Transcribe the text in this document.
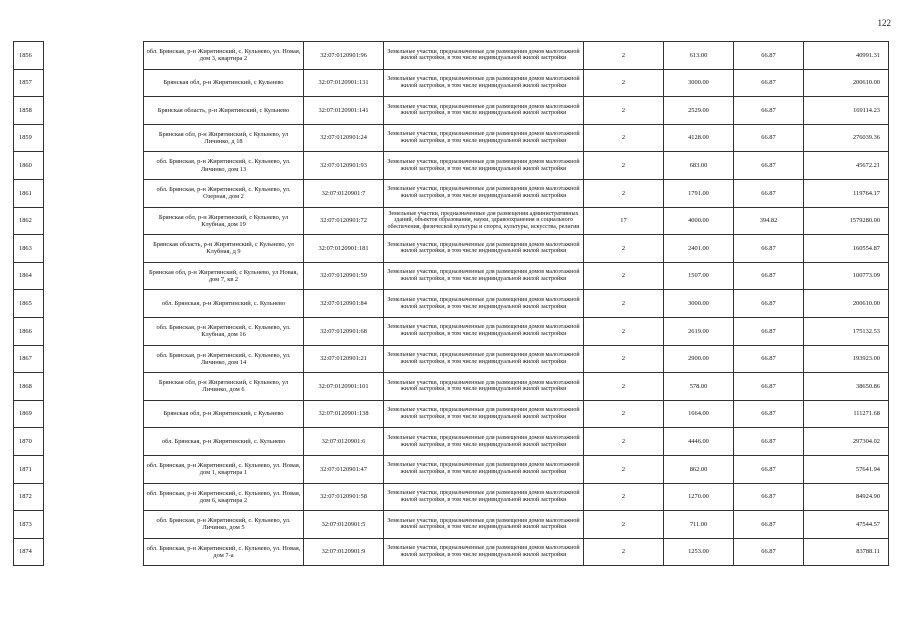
122
1856		обл. Брянская, р-н Жирятинский, с. Кульнево, ул. Новая, дом 3, квартира 2	32:07:0120901:96	Земельные участки, предназначенные для размещения домов малоэтажной жилой застройки, в том числе индивидуальной жилой застройки	2	613.00	66.87	40991.31
1857		Брянская обл, р-н Жирятинский, с Кульнево	32:07:0120901:131	Земельные участки, предназначенные для размещения домов малоэтажной жилой застройки, в том числе индивидуальной жилой застройки	2	3000.00	66.87	200610.00
1858		Брянская область, р-н Жирятинский, с Кульнево	32:07:0120901:141	Земельные участки, предназначенные для размещения домов малоэтажной жилой застройки, в том числе индивидуальной жилой застройки	2	2529.00	66.87	169114.23
1859		Брянская обл, р-н Жирятинский, с Кульнево, ул Личинко, д 18	32:07:0120901:24	Земельные участки, предназначенные для размещения домов малоэтажной жилой застройки, в том числе индивидуальной жилой застройки	2	4128.00	66.87	276039.36
1860		обл. Брянская, р-н Жирятинский, с. Кульнево, ул. Личинко, дом 13	32:07:0120901:93	Земельные участки, предназначенные для размещения домов малоэтажной жилой застройки, в том числе индивидуальной жилой застройки	2	683.00	66.87	45672.21
1861		обл. Брянская, р-н Жирятинский, с. Кульнево, ул. Озерная, дом 2	32:07:0120901:7	Земельные участки, предназначенные для размещения домов малоэтажной жилой застройки, в том числе индивидуальной жилой застройки	2	1791.00	66.87	119764.17
1862		Брянская обл, р-н Жирятинский, с Кульнево, ул Клубная, дом 19	32:07:0120901:72	Земельные участки, предназначенные для размещения административных зданий, объектов образования, науки, здравоохранения и социального обеспечения, физической культуры и спорта, культуры, искусства, религии	17	4000.00	394.82	1579280.00
1863		Брянская область, р-н Жирятинский, с Кульнево, ул Клубная, д 9	32:07:0120901:181	Земельные участки, предназначенные для размещения домов малоэтажной жилой застройки, в том числе индивидуальной жилой застройки	2	2401.00	66.87	160554.87
1864		Брянская обл, р-н Жирятинский, с Кульнево, ул Новая, дом 7, кв 2	32:07:0120901:59	Земельные участки, предназначенные для размещения домов малоэтажной жилой застройки, в том числе индивидуальной жилой застройки	2	1507.00	66.87	100773.09
1865		обл. Брянская, р-н Жирятинский, с. Кульнево	32:07:0120901:84	Земельные участки, предназначенные для размещения домов малоэтажной жилой застройки, в том числе индивидуальной жилой застройки	2	3000.00	66.87	200610.00
1866		обл. Брянская, р-н Жирятинский, с. Кульнево, ул. Клубная, дом 16	32:07:0120901:68	Земельные участки, предназначенные для размещения домов малоэтажной жилой застройки, в том числе индивидуальной жилой застройки	2	2619.00	66.87	175132.53
1867		обл. Брянская, р-н Жирятинский, с. Кульнево, ул. Личинко, дом 14	32:07:0120901:21	Земельные участки, предназначенные для размещения домов малоэтажной жилой застройки, в том числе индивидуальной жилой застройки	2	2900.00	66.87	193923.00
1868		Брянская обл, р-н Жирятинский, с Кульнево, ул Личинко, дом 6	32:07:0120901:101	Земельные участки, предназначенные для размещения домов малоэтажной жилой застройки, в том числе индивидуальной жилой застройки	2	578.00	66.87	38650.86
1869		Брянская обл, р-н Жирятинский, с Кульнево	32:07:0120901:138	Земельные участки, предназначенные для размещения домов малоэтажной жилой застройки, в том числе индивидуальной жилой застройки	2	1664.00	66.87	111271.68
1870		обл. Брянская, р-н Жирятинский, с. Кульнево	32:07:0120901:6	Земельные участки, предназначенные для размещения домов малоэтажной жилой застройки, в том числе индивидуальной жилой застройки	2	4446.00	66.87	297304.02
1871		обл. Брянская, р-н Жирятинский, с. Кульнево, ул. Новая, дом 1, квартира 1	32:07:0120901:47	Земельные участки, предназначенные для размещения домов малоэтажной жилой застройки, в том числе индивидуальной жилой застройки	2	862.00	66.87	57641.94
1872		обл. Брянская, р-н Жирятинский, с. Кульнево, ул. Новая, дом 6, квартира 2	32:07:0120901:58	Земельные участки, предназначенные для размещения домов малоэтажной жилой застройки, в том числе индивидуальной жилой застройки	2	1270.00	66.87	84924.90
1873		обл. Брянская, р-н Жирятинский, с. Кульнево, ул. Личинко, дом 5	32:07:0120901:5	Земельные участки, предназначенные для размещения домов малоэтажной жилой застройки, в том числе индивидуальной жилой застройки	2	711.00	66.87	47544.57
1874		обл. Брянская, р-н Жирятинский, с. Кульнево, ул. Новая, дом 7-а	32:07:0120901:9	Земельные участки, предназначенные для размещения домов малоэтажной жилой застройки, в том числе индивидуальной жилой застройки	2	1253.00	66.87	83788.11
